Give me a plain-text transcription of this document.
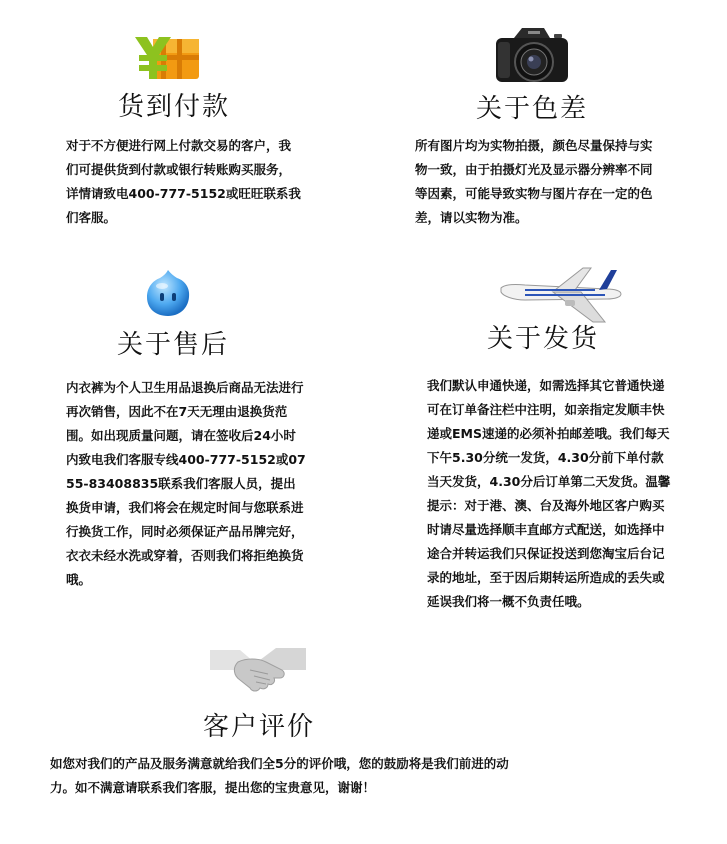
货到付款

对于不方便进行网上付款交易的客户，我们可提供货到付款或银行转账购买服务，详情请致电400-777-5152或旺旺联系我们客服。

关于色差

所有图片均为实物拍摄，颜色尽量保持与实物一致，由于拍摄灯光及显示器分辨率不同等因素，可能导致实物与图片存在一定的色差，请以实物为准。

关于售后

内衣裤为个人卫生用品退换后商品无法进行再次销售，因此不在7天无理由退换货范围。如出现质量问题，请在签收后24小时内致电我们客服专线400-777-5152或0755-83408835联系我们客服人员，提出换货申请，我们将会在规定时间与您联系进行换货工作，同时必须保证产品吊牌完好，衣衣未经水洗或穿着，否则我们将拒绝换货哦。

关于发货

我们默认申通快递，如需选择其它普通快递可在订单备注栏中注明，如亲指定发顺丰快递或EMS速递的必须补拍邮差哦。我们每天下午5.30分统一发货，4.30分前下单付款当天发货，4.30分后订单第二天发货。温馨提示：对于港、澳、台及海外地区客户购买时请尽量选择顺丰直邮方式配送，如选择中途合并转运我们只保证投送到您淘宝后台记录的地址，至于因后期转运所造成的丢失或延误我们将一概不负责任哦。

客户评价

如您对我们的产品及服务满意就给我们全5分的评价哦，您的鼓励将是我们前进的动力。如不满意请联系我们客服，提出您的宝贵意见，谢谢！
